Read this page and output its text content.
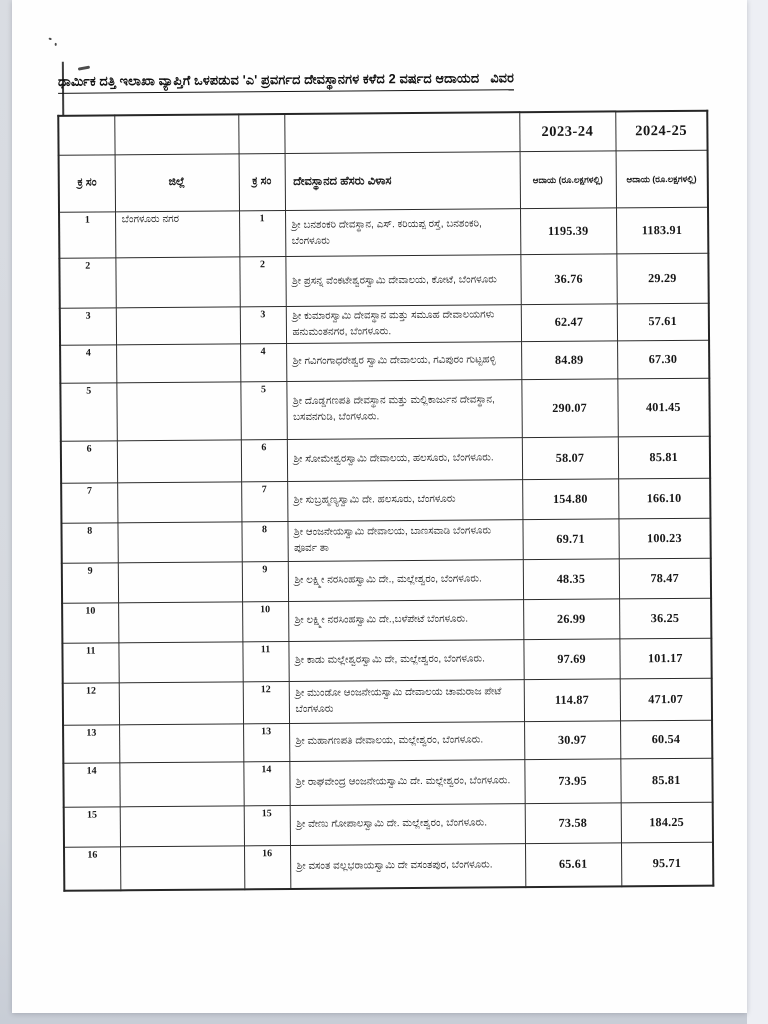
ಧಾರ್ಮಿಕ ದತ್ತಿ ಇಲಾಖಾ ವ್ಯಾಪ್ತಿಗೆ ಒಳಪಡುವ 'ಎ' ಪ್ರವರ್ಗದ ದೇವಸ್ಥಾನಗಳ ಕಳೆದ 2 ವರ್ಷದ ಆದಾಯದ   ವಿವರ
				2023-24	2024-25
ಕ್ರ ಸಂ	ಜಿಲ್ಲೆ	ಕ್ರ ಸಂ	ದೇವಸ್ಥಾನದ ಹೆಸರು ವಿಳಾಸ	ಆದಾಯ (ರೂ.ಲಕ್ಷಗಳಲ್ಲಿ)	ಆದಾಯ (ರೂ.ಲಕ್ಷಗಳಲ್ಲಿ)
1	ಬೆಂಗಳೂರು ನಗರ	1	ಶ್ರೀ ಬನಶಂಕರಿ ದೇವಸ್ಥಾನ, ಎಸ್. ಕರಿಯಪ್ಪ ರಸ್ತೆ, ಬನಶಂಕರಿ, ಬೆಂಗಳೂರು	1195.39	1183.91
2		2	ಶ್ರೀ ಪ್ರಸನ್ನ ವೆಂಕಟೇಶ್ವರಸ್ವಾಮಿ ದೇವಾಲಯ, ಕೋಟೆ, ಬೆಂಗಳೂರು	36.76	29.29
3		3	ಶ್ರೀ ಕುಮಾರಸ್ವಾಮಿ ದೇವಸ್ಥಾನ ಮತ್ತು ಸಮೂಹ ದೇವಾಲಯಗಳು ಹನುಮಂತನಗರ, ಬೆಂಗಳೂರು.	62.47	57.61
4		4	ಶ್ರೀ ಗವಿಗಂಗಾಧರೇಶ್ವರ ಸ್ವಾಮಿ ದೇವಾಲಯ, ಗವಿಪುರಂ ಗುಟ್ಟಹಳ್ಳಿ	84.89	67.30
5		5	ಶ್ರೀ ದೊಡ್ಡಗಣಪತಿ ದೇವಸ್ಥಾನ ಮತ್ತು ಮಲ್ಲಿಕಾರ್ಜುನ ದೇವಸ್ಥಾನ, ಬಸವನಗುಡಿ, ಬೆಂಗಳೂರು.	290.07	401.45
6		6	ಶ್ರೀ ಸೋಮೇಶ್ವರಸ್ವಾಮಿ ದೇವಾಲಯ, ಹಲಸೂರು, ಬೆಂಗಳೂರು.	58.07	85.81
7		7	ಶ್ರೀ ಸುಬ್ರಹ್ಮಣ್ಯಸ್ವಾಮಿ ದೇ. ಹಲಸೂರು, ಬೆಂಗಳೂರು	154.80	166.10
8		8	ಶ್ರೀ ಆಂಜನೇಯಸ್ವಾಮಿ ದೇವಾಲಯ, ಬಾಣಸವಾಡಿ ಬೆಂಗಳೂರು ಪೂರ್ವ ತಾ	69.71	100.23
9		9	ಶ್ರೀ ಲಕ್ಷ್ಮೀ ನರಸಿಂಹಸ್ವಾಮಿ ದೇ., ಮಲ್ಲೇಶ್ವರಂ, ಬೆಂಗಳೂರು.	48.35	78.47
10		10	ಶ್ರೀ ಲಕ್ಷ್ಮೀ ನರಸಿಂಹಸ್ವಾಮಿ ದೇ.,ಬಳೆಪೇಟೆ ಬೆಂಗಳೂರು.	26.99	36.25
11		11	ಶ್ರೀ ಕಾಡು ಮಲ್ಲೇಶ್ವರಸ್ವಾಮಿ ದೇ, ಮಲ್ಲೇಶ್ವರಂ, ಬೆಂಗಳೂರು.	97.69	101.17
12		12	ಶ್ರೀ ಮುಂಡೋ ಆಂಜನೇಯಸ್ವಾಮಿ ದೇವಾಲಯ ಚಾಮರಾಜ ಪೇಟೆ ಬೆಂಗಳೂರು	114.87	471.07
13		13	ಶ್ರೀ ಮಹಾಗಣಪತಿ ದೇವಾಲಯ, ಮಲ್ಲೇಶ್ವರಂ, ಬೆಂಗಳೂರು.	30.97	60.54
14		14	ಶ್ರೀ ರಾಘವೇಂದ್ರ ಆಂಜನೇಯಸ್ವಾಮಿ ದೇ. ಮಲ್ಲೇಶ್ವರಂ, ಬೆಂಗಳೂರು.	73.95	85.81
15		15	ಶ್ರೀ ವೇಣು ಗೋಪಾಲಸ್ವಾಮಿ ದೇ. ಮಲ್ಲೇಶ್ವರಂ, ಬೆಂಗಳೂರು.	73.58	184.25
16		16	ಶ್ರೀ ವಸಂತ ವಲ್ಲಭರಾಯಸ್ವಾಮಿ ದೇ ವಸಂತಪುರ, ಬೆಂಗಳೂರು.	65.61	95.71
